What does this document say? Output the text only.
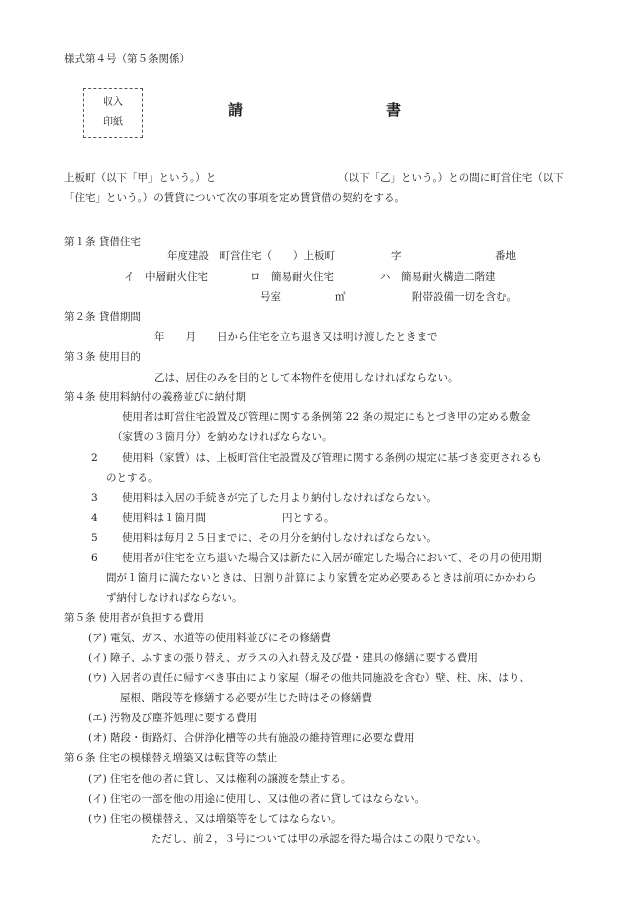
様式第４号（第５条関係）
収入
印紙
請	書
上板町（以下「甲」という。）と	（以下「乙」という。）との間に町営住宅（以下
「住宅」という。）の賃貸について次の事項を定め賃貸借の契約をする。
第１条 貸借住宅
年度建設　町営住宅（　　）上板町	字	番地
イ　中層耐火住宅	ロ　簡易耐火住宅	ハ　簡易耐火構造二階建
号室	㎡	附帯設備一切を含む。
第２条 貸借期間
年　　月　　日から住宅を立ち退き又は明け渡したときまで
第３条 使用目的
乙は、居住のみを目的として本物件を使用しなければならない。
第４条 使用料納付の義務並びに納付期
使用者は町営住宅設置及び管理に関する条例第 22 条の規定にもとづき甲の定める敷金
（家賃の３箇月分）を納めなければならない。
2 使用料（家賃）は、上板町営住宅設置及び管理に関する条例の規定に基づき変更されるも
のとする。
3 使用料は入居の手続きが完了した月より納付しなければならない。
4 使用料は１箇月間	円とする。
5 使用料は毎月２５日までに、その月分を納付しなければならない。
6 使用者が住宅を立ち退いた場合又は新たに入居が確定した場合において、その月の使用期
間が１箇月に満たないときは、日割り計算により家賃を定め必要あるときは前項にかかわら
ず納付しなければならない。
第５条 使用者が負担する費用
(ア) 電気、ガス、水道等の使用料並びにその修繕費
(イ) 障子、ふすまの張り替え、ガラスの入れ替え及び畳・建具の修繕に要する費用
(ウ) 入居者の責任に帰すべき事由により家屋（塀その他共同施設を含む）壁、柱、床、はり、
屋根、階段等を修繕する必要が生じた時はその修繕費
(エ) 汚物及び塵芥処理に要する費用
(オ) 階段・街路灯、合併浄化槽等の共有施設の維持管理に必要な費用
第６条 住宅の模様替え増築又は転貸等の禁止
(ア) 住宅を他の者に貸し、又は権利の譲渡を禁止する。
(イ) 住宅の一部を他の用途に使用し、又は他の者に貸してはならない。
(ウ) 住宅の模様替え、又は増築等をしてはならない。
ただし、前２，３号については甲の承認を得た場合はこの限りでない。
